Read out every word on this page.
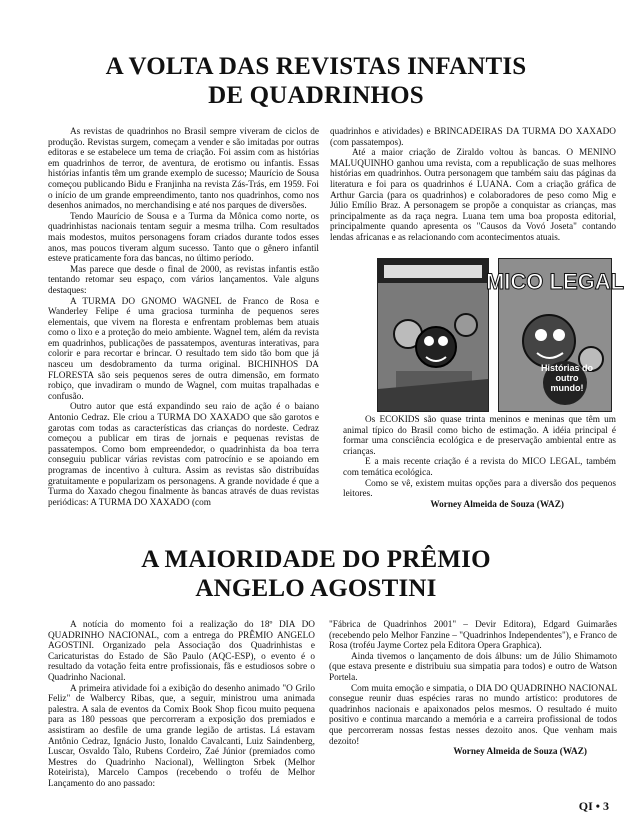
A VOLTA DAS REVISTAS INFANTIS
DE QUADRINHOS

As revistas de quadrinhos no Brasil sempre viveram de ciclos de produção. Revistas surgem, começam a vender e são imitadas por outras editoras e se estabelece um tema de criação. Foi assim com as histórias em quadrinhos de terror, de aventura, de erotismo ou infantis. Essas histórias infantis têm um grande exemplo de sucesso; Maurício de Sousa começou publicando Bidu e Franjinha na revista Zás-Trás, em 1959. Foi o início de um grande empreendimento, tanto nos quadrinhos, como nos desenhos animados, no merchandising e até nos parques de diversões.

Tendo Maurício de Sousa e a Turma da Mônica como norte, os quadrinhistas nacionais tentam seguir a mesma trilha. Com resultados mais modestos, muitos personagens foram criados durante todos esses anos, mas poucos tiveram algum sucesso. Tanto que o gênero infantil esteve praticamente fora das bancas, no último período.

Mas parece que desde o final de 2000, as revistas infantis estão tentando retomar seu espaço, com vários lançamentos. Vale alguns destaques:

A TURMA DO GNOMO WAGNEL de Franco de Rosa e Wanderley Felipe é uma graciosa turminha de pequenos seres elementais, que vivem na floresta e enfrentam problemas bem atuais como o lixo e a proteção do meio ambiente. Wagnel tem, além da revista em quadrinhos, publicações de passatempos, aventuras interativas, para colorir e para recortar e brincar. O resultado tem sido tão bom que já nasceu um desdobramento da turma original. BICHINHOS DA FLORESTA são seis pequenos seres de outra dimensão, em formato robiço, que invadiram o mundo de Wagnel, com muitas trapalhadas e confusão.

Outro autor que está expandindo seu raio de ação é o baiano Antonio Cedraz. Ele criou a TURMA DO XAXADO que são garotos e garotas com todas as características das crianças do nordeste. Cedraz começou a publicar em tiras de jornais e pequenas revistas de passatempos. Como bom empreendedor, o quadrinhista da boa terra conseguiu publicar várias revistas com patrocínio e se apoiando em programas de incentivo à cultura. Assim as revistas são distribuídas gratuitamente e popularizam os personagens. A grande novidade é que a Turma do Xaxado chegou finalmente às bancas através de duas revistas periódicas: A TURMA DO XAXADO (com

quadrinhos e atividades) e BRINCADEIRAS DA TURMA DO XAXADO (com passatempos).

Até a maior criação de Ziraldo voltou às bancas. O MENINO MALUQUINHO ganhou uma revista, com a republicação de suas melhores histórias em quadrinhos. Outra personagem que também saiu das páginas da literatura e foi para os quadrinhos é LUANA. Com a criação gráfica de Arthur Garcia (para os quadrinhos) e colaboradores de peso como Mig e Júlio Emílio Braz. A personagem se propõe a conquistar as crianças, mas principalmente as da raça negra. Luana tem uma boa proposta editorial, principalmente quando apresenta os "Causos da Vovó Joseta" contando lendas africanas e as relacionando com acontecimentos atuais.

MICO LEGAL
Histórias do outro mundo!

Os ECOKIDS são quase trinta meninos e meninas que têm um animal típico do Brasil como bicho de estimação. A idéia principal é formar uma consciência ecológica e de preservação ambiental entre as crianças.

E a mais recente criação é a revista do MICO LEGAL, também com temática ecológica.

Como se vê, existem muitas opções para a diversão dos pequenos leitores.

Worney Almeida de Souza (WAZ)

A MAIORIDADE DO PRÊMIO
ANGELO AGOSTINI

A notícia do momento foi a realização do 18º DIA DO QUADRINHO NACIONAL, com a entrega do PRÊMIO ANGELO AGOSTINI. Organizado pela Associação dos Quadrinhistas e Caricaturistas do Estado de São Paulo (AQC-ESP), o evento é o resultado da votação feita entre profissionais, fãs e estudiosos sobre o Quadrinho Nacional.

A primeira atividade foi a exibição do desenho animado "O Grilo Feliz" de Walbercy Ribas, que, a seguir, ministrou uma animada palestra. A sala de eventos da Comix Book Shop ficou muito pequena para as 180 pessoas que percorreram a exposição dos premiados e assistiram ao desfile de uma grande legião de artistas. Lá estavam Antônio Cedraz, Ignácio Justo, Ionaldo Cavalcanti, Luiz Saindenberg, Luscar, Osvaldo Talo, Rubens Cordeiro, Zaé Júnior (premiados como Mestres do Quadrinho Nacional), Wellington Srbek (Melhor Roteirista), Marcelo Campos (recebendo o troféu de Melhor Lançamento do ano passado:

"Fábrica de Quadrinhos 2001" – Devir Editora), Edgard Guimarães (recebendo pelo Melhor Fanzine – "Quadrinhos Independentes"), e Franco de Rosa (troféu Jayme Cortez pela Editora Opera Graphica).

Ainda tivemos o lançamento de dois álbuns: um de Júlio Shimamoto (que estava presente e distribuiu sua simpatia para todos) e outro de Watson Portela.

Com muita emoção e simpatia, o DIA DO QUADRINHO NACIONAL consegue reunir duas espécies raras no mundo artístico: produtores de quadrinhos nacionais e apaixonados pelos mesmos. O resultado é muito positivo e continua marcando a memória e a carreira profissional de todos que percorreram nossas festas nesses dezoito anos. Que venham mais dezoito!

Worney Almeida de Souza (WAZ)

QI • 3
